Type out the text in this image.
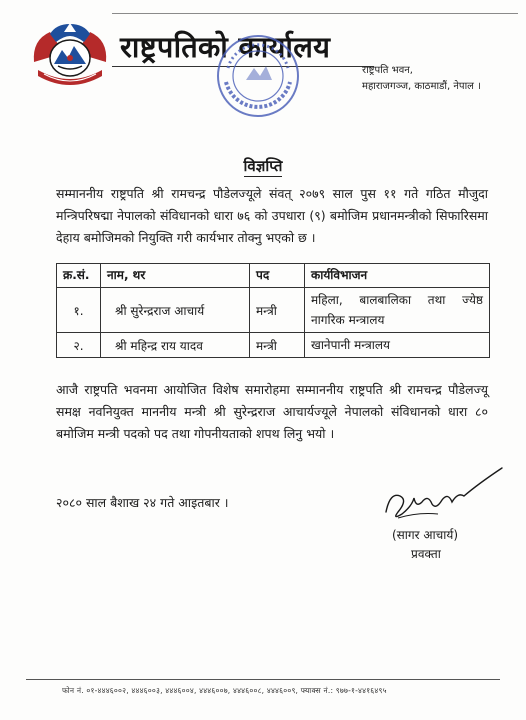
राष्ट्रपतिको कार्यालय
राष्ट्रपति भवन,
महाराजगञ्ज, काठमाडौं, नेपाल ।
विज्ञप्ति
सम्माननीय राष्ट्रपति श्री रामचन्द्र पौडेलज्यूले संवत् २०७९ साल पुस ११ गते गठित मौजुदा मन्त्रिपरिषद्मा नेपालको संविधानको धारा ७६ को उपधारा (९) बमोजिम प्रधानमन्त्रीको सिफारिसमा देहाय बमोजिमको नियुक्ति गरी कार्यभार तोक्नु भएको छ ।
क्र.सं.	नाम, थर	पद	कार्यविभाजन
१.	श्री सुरेन्द्रराज आचार्य	मन्त्री	महिला, बालबालिका तथा ज्येष्ठ
नागरिक मन्त्रालय

२.	श्री महिन्द्र राय यादव	मन्त्री	खानेपानी मन्त्रालय
आजै राष्ट्रपति भवनमा आयोजित विशेष समारोहमा सम्माननीय राष्ट्रपति श्री रामचन्द्र पौडेलज्यू समक्ष नवनियुक्त माननीय मन्त्री श्री सुरेन्द्रराज आचार्यज्यूले नेपालको संविधानको धारा ८० बमोजिम मन्त्री पदको पद तथा गोपनीयताको शपथ लिनु भयो ।
२०८० साल बैशाख २४ गते आइतबार ।
(सागर आचार्य)
प्रवक्ता
फोन नं. ०१-४४४६००२, ४४४६००३, ४४४६००४, ४४४६००७, ४४४६००८, ४४४६००९, फ्याक्स नं.: ९७७-१-४४१६४९५
